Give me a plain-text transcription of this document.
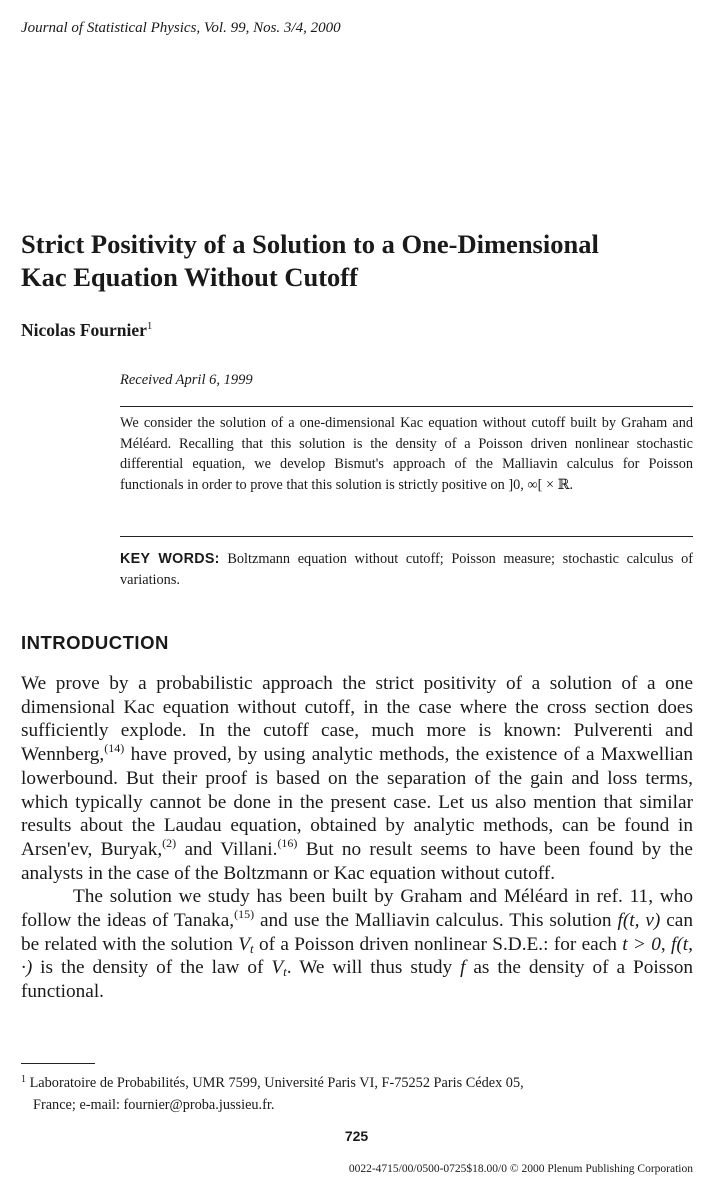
Journal of Statistical Physics, Vol. 99, Nos. 3/4, 2000
Strict Positivity of a Solution to a One-Dimensional
Kac Equation Without Cutoff
Nicolas Fournier$^1$
Received April 6, 1999
We consider the solution of a one-dimensional Kac equation without cutoff built by Graham and Méléard. Recalling that this solution is the density of a Poisson driven nonlinear stochastic differential equation, we develop Bismut's approach of the Malliavin calculus for Poisson functionals in order to prove that this solution is strictly positive on ]0, ∞[ × ℝ.
KEY WORDS: Boltzmann equation without cutoff; Poisson measure; stochastic calculus of variations.
INTRODUCTION

We prove by a probabilistic approach the strict positivity of a solution of a one dimensional Kac equation without cutoff, in the case where the cross section does sufficiently explode. In the cutoff case, much more is known: Pulverenti and Wennberg,$^{(14)}$ have proved, by using analytic methods, the existence of a Maxwellian lowerbound. But their proof is based on the separation of the gain and loss terms, which typically cannot be done in the present case. Let us also mention that similar results about the Laudau equation, obtained by analytic methods, can be found in Arsen'ev, Buryak,$^{(2)}$ and Villani.$^{(16)}$ But no result seems to have been found by the analysts in the case of the Boltzmann or Kac equation without cutoff.

The solution we study has been built by Graham and Méléard in ref. 11, who follow the ideas of Tanaka,$^{(15)}$ and use the Malliavin calculus. This solution f(t, v) can be related with the solution $V_t$ of a Poisson driven nonlinear S.D.E.: for each t > 0, f(t, ·) is the density of the law of $V_t$. We will thus study f as the density of a Poisson functional.

$^1$ Laboratoire de Probabilités, UMR 7599, Université Paris VI, F-75252 Paris Cédex 05,
France; e-mail: fournier@proba.jussieu.fr.
725
0022-4715/00/0500-0725$18.00/0 © 2000 Plenum Publishing Corporation
